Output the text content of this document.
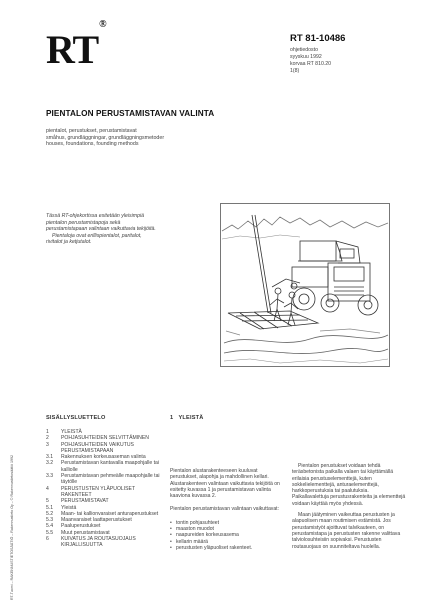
RT®
RT 81-10486
ohjetiedosto
syyskuu 1992
korvaa RT 810.20
1(8)
PIENTALON PERUSTAMISTAVAN VALINTA
pientalot, perustukset, perustamistavat
småhus, grundläggningar, grundläggningsmetoder
houses, foundations, founding methods
Tässä RT-ohjekortissa esitetään yleisimpiä pientalon perustamistapoja sekä perustamistapaan valintaan vaikuttavia tekijöitä.
Pientaloja ovat erillispientalot, paritalot, rivitalot ja ketjutalot.
RT-Tuomi – RAKENNUSTIETOSÄÄTIÖ – Rakennustieto Oy – © Rakennustietosäätiö 1992
SISÄLLYSLUETTELO
1	YLEISTÄ
2	POHJASUHTEIDEN SELVITTÄMINEN
3	POHJASUHTEIDEN VAIKUTUS PERUSTAMISTAPAAN
3.1	Rakennuksen korkeusaseman valinta
3.2	Perustamistavan kantavalla maapohjalle tai kalliolle
3.3	Perustamistavan pehmeälle maapohjalle tai täytölle
4	PERUSTUSTEN YLÄPUOLISET RAKENTEET
5	PERUSTAMISTAVAT
5.1	Yleistä
5.2	Maan- tai kallionvaraiset anturaperustukset
5.3	Maanvaraiset laattaperustukset
5.4	Paaluperustukset
5.5	Muut perustamistavat
6	KUIVATUS JA ROUTASUOJAUS
KIRJALLISUUTTA
1   YLEISTÄ

Pientalon alustarakenteeseen kuuluvat perustukset, alapohja ja mahdollinen kellari. Alustarakenteen valintaan vaikuttavia tekijöitä on esitetty kuvassa 1 ja perustamistavan valinta kaaviona kuvassa 2.

Pientalon perustamistavan valintaan vaikuttavat:

• tontin pohjasuhteet
• maaston muodot
• naapureiden korkeusasema
• kellarin määrä
• perustusten yläpuoliset rakenteet.

Pientalon perustukset voidaan tehdä teräsbetonista paikalla valaen tai käyttämällä erilaisia perustuselementtejä, kuten sokkelielementtejä, anturaelementtejä, harkkoperustuksia tai paalutuksia. Paikallavalettuja perustusrakenteita ja elementtejä voidaan käyttää myös yhdessä.

Maan jäätyminen vaikeuttaa perustusten ja alapuolisen maan routimisen estämistä. Jos perustamistyöt ajoittuvat talvikauteen, on perustamistapa ja perustusten rakenne valittava talviolosuhteisiin sopivaksi. Perustusten routasuojaus on suunniteltava huolella.
